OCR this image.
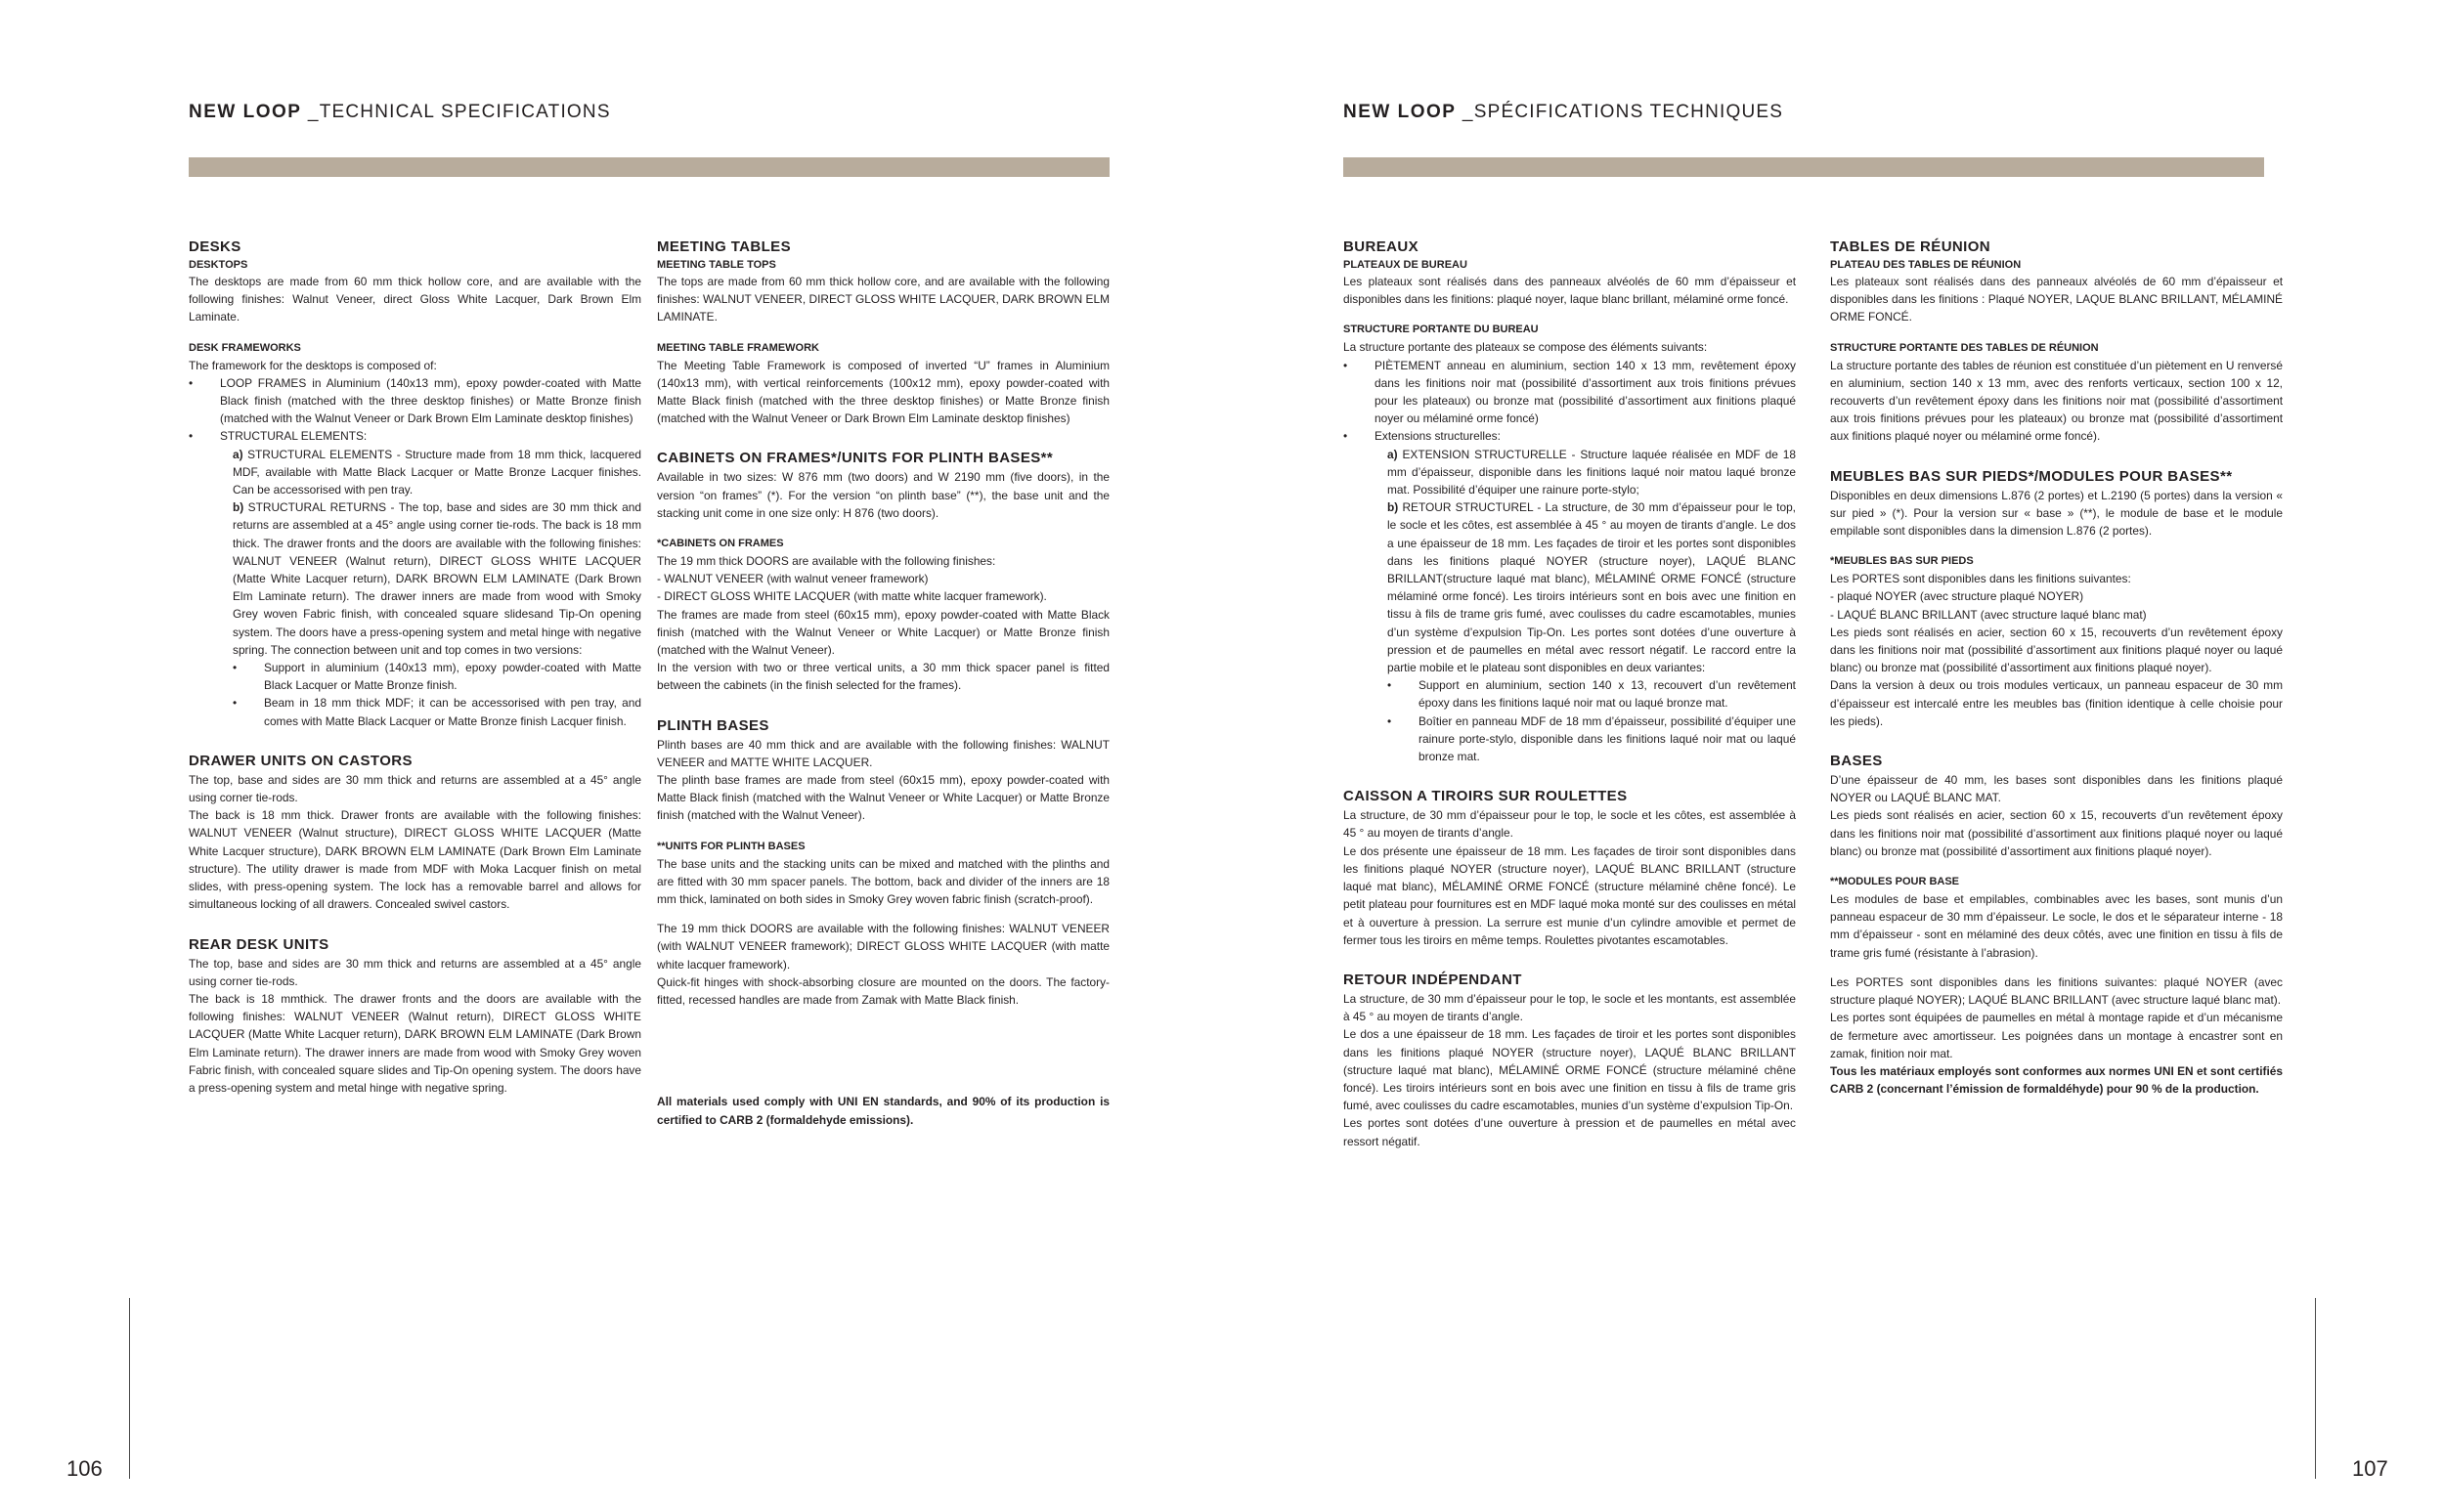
NEW LOOP _TECHNICAL SPECIFICATIONS
DESKS
DESKTOPS

The desktops are made from 60 mm thick hollow core, and are available with the following finishes: Walnut Veneer, direct Gloss White Lacquer, Dark Brown Elm Laminate.

DESK FRAMEWORKS

The framework for the desktops is composed of:

• LOOP FRAMES in Aluminium (140x13 mm), epoxy powder-coated with Matte Black finish (matched with the three desktop finishes) or Matte Bronze finish (matched with the Walnut Veneer or Dark Brown Elm Laminate desktop finishes)
• STRUCTURAL ELEMENTS:

a) STRUCTURAL ELEMENTS - Structure made from 18 mm thick, lacquered MDF, available with Matte Black Lacquer or Matte Bronze Lacquer finishes. Can be accessorised with pen tray.

b) STRUCTURAL RETURNS - The top, base and sides are 30 mm thick and returns are assembled at a 45° angle using corner tie-rods. The back is 18 mm thick. The drawer fronts and the doors are available with the following finishes: WALNUT VENEER (Walnut return), DIRECT GLOSS WHITE LACQUER (Matte White Lacquer return), DARK BROWN ELM LAMINATE (Dark Brown Elm Laminate return). The drawer inners are made from wood with Smoky Grey woven Fabric finish, with concealed square slidesand Tip-On opening system. The doors have a press-opening system and metal hinge with negative spring. The connection between unit and top comes in two versions:

• Support in aluminium (140x13 mm), epoxy powder-coated with Matte Black Lacquer or Matte Bronze finish.
• Beam in 18 mm thick MDF; it can be accessorised with pen tray, and comes with Matte Black Lacquer or Matte Bronze finish Lacquer finish.
DRAWER UNITS ON CASTORS

The top, base and sides are 30 mm thick and returns are assembled at a 45° angle using corner tie-rods.

The back is 18 mm thick. Drawer fronts are available with the following finishes: WALNUT VENEER (Walnut structure), DIRECT GLOSS WHITE LACQUER (Matte White Lacquer structure), DARK BROWN ELM LAMINATE (Dark Brown Elm Laminate structure). The utility drawer is made from MDF with Moka Lacquer finish on metal slides, with press-opening system. The lock has a removable barrel and allows for simultaneous locking of all drawers. Concealed swivel castors.

REAR DESK UNITS

The top, base and sides are 30 mm thick and returns are assembled at a 45° angle using corner tie-rods.

The back is 18 mmthick. The drawer fronts and the doors are available with the following finishes: WALNUT VENEER (Walnut return), DIRECT GLOSS WHITE LACQUER (Matte White Lacquer return), DARK BROWN ELM LAMINATE (Dark Brown Elm Laminate return). The drawer inners are made from wood with Smoky Grey woven Fabric finish, with concealed square slides and Tip-On opening system. The doors have a press-opening system and metal hinge with negative spring.

MEETING TABLES
MEETING TABLE TOPS

The tops are made from 60 mm thick hollow core, and are available with the following finishes: WALNUT VENEER, DIRECT GLOSS WHITE LACQUER, DARK BROWN ELM LAMINATE.

MEETING TABLE FRAMEWORK

The Meeting Table Framework is composed of inverted “U” frames in Aluminium (140x13 mm), with vertical reinforcements (100x12 mm), epoxy powder-coated with Matte Black finish (matched with the three desktop finishes) or Matte Bronze finish (matched with the Walnut Veneer or Dark Brown Elm Laminate desktop finishes)

CABINETS ON FRAMES*/UNITS FOR PLINTH BASES**

Available in two sizes: W 876 mm (two doors) and W 2190 mm (five doors), in the version “on frames” (*). For the version “on plinth base” (**), the base unit and the stacking unit come in one size only: H 876 (two doors).

*CABINETS ON FRAMES

The 19 mm thick DOORS are available with the following finishes:

- WALNUT VENEER (with walnut veneer framework)

- DIRECT GLOSS WHITE LACQUER (with matte white lacquer framework).

The frames are made from steel (60x15 mm), epoxy powder-coated with Matte Black finish (matched with the Walnut Veneer or White Lacquer) or Matte Bronze finish (matched with the Walnut Veneer).

In the version with two or three vertical units, a 30 mm thick spacer panel is fitted between the cabinets (in the finish selected for the frames).

PLINTH BASES

Plinth bases are 40 mm thick and are available with the following finishes: WALNUT VENEER and MATTE WHITE LACQUER.

The plinth base frames are made from steel (60x15 mm), epoxy powder-coated with Matte Black finish (matched with the Walnut Veneer or White Lacquer) or Matte Bronze finish (matched with the Walnut Veneer).

**UNITS FOR PLINTH BASES

The base units and the stacking units can be mixed and matched with the plinths and are fitted with 30 mm spacer panels. The bottom, back and divider of the inners are 18 mm thick, laminated on both sides in Smoky Grey woven fabric finish (scratch-proof).

The 19 mm thick DOORS are available with the following finishes: WALNUT VENEER (with WALNUT VENEER framework); DIRECT GLOSS WHITE LACQUER (with matte white lacquer framework).

Quick-fit hinges with shock-absorbing closure are mounted on the doors. The factory-fitted, recessed handles are made from Zamak with Matte Black finish.

All materials used comply with UNI EN standards, and 90% of its production is certified to CARB 2 (formaldehyde emissions).

106
NEW LOOP _SPÉCIFICATIONS TECHNIQUES
BUREAUX
PLATEAUX DE BUREAU

Les plateaux sont réalisés dans des panneaux alvéolés de 60 mm d’épaisseur et disponibles dans les finitions: plaqué noyer, laque blanc brillant, mélaminé orme foncé.

STRUCTURE PORTANTE DU BUREAU

La structure portante des plateaux se compose des éléments suivants:

• PIÈTEMENT anneau en aluminium, section 140 x 13 mm, revêtement époxy dans les finitions noir mat (possibilité d’assortiment aux trois finitions prévues pour les plateaux) ou bronze mat (possibilité d’assortiment aux finitions plaqué noyer ou mélaminé orme foncé)
• Extensions structurelles:

a) EXTENSION STRUCTURELLE - Structure laquée réalisée en MDF de 18 mm d’épaisseur, disponible dans les finitions laqué noir matou laqué bronze mat. Possibilité d’équiper une rainure porte-stylo;

b) RETOUR STRUCTUREL - La structure, de 30 mm d’épaisseur pour le top, le socle et les côtes, est assemblée à 45 ° au moyen de tirants d’angle. Le dos a une épaisseur de 18 mm. Les façades de tiroir et les portes sont disponibles dans les finitions plaqué NOYER (structure noyer), LAQUÉ BLANC BRILLANT(structure laqué mat blanc), MÉLAMINÉ ORME FONCÉ (structure mélaminé orme foncé). Les tiroirs intérieurs sont en bois avec une finition en tissu à fils de trame gris fumé, avec coulisses du cadre escamotables, munies d’un système d’expulsion Tip-On. Les portes sont dotées d’une ouverture à pression et de paumelles en métal avec ressort négatif. Le raccord entre la partie mobile et le plateau sont disponibles en deux variantes:

• Support en aluminium, section 140 x 13, recouvert d’un revêtement époxy dans les finitions laqué noir mat ou laqué bronze mat.
• Boîtier en panneau MDF de 18 mm d’épaisseur, possibilité d’équiper une rainure porte-stylo, disponible dans les finitions laqué noir mat ou laqué bronze mat.
CAISSON A TIROIRS SUR ROULETTES

La structure, de 30 mm d’épaisseur pour le top, le socle et les côtes, est assemblée à 45 ° au moyen de tirants d’angle.

Le dos présente une épaisseur de 18 mm. Les façades de tiroir sont disponibles dans les finitions plaqué NOYER (structure noyer), LAQUÉ BLANC BRILLANT (structure laqué mat blanc), MÉLAMINÉ ORME FONCÉ (structure mélaminé chêne foncé). Le petit plateau pour fournitures est en MDF laqué moka monté sur des coulisses en métal et à ouverture à pression. La serrure est munie d’un cylindre amovible et permet de fermer tous les tiroirs en même temps. Roulettes pivotantes escamotables.

RETOUR INDÉPENDANT

La structure, de 30 mm d’épaisseur pour le top, le socle et les montants, est assemblée à 45 ° au moyen de tirants d’angle.

Le dos a une épaisseur de 18 mm. Les façades de tiroir et les portes sont disponibles dans les finitions plaqué NOYER (structure noyer), LAQUÉ BLANC BRILLANT (structure laqué mat blanc), MÉLAMINÉ ORME FONCÉ (structure mélaminé chêne foncé). Les tiroirs intérieurs sont en bois avec une finition en tissu à fils de trame gris fumé, avec coulisses du cadre escamotables, munies d’un système d’expulsion Tip-On.

Les portes sont dotées d’une ouverture à pression et de paumelles en métal avec ressort négatif.

TABLES DE RÉUNION
PLATEAU DES TABLES DE RÉUNION

Les plateaux sont réalisés dans des panneaux alvéolés de 60 mm d’épaisseur et disponibles dans les finitions : Plaqué NOYER, LAQUE BLANC BRILLANT, MÉLAMINÉ ORME FONCÉ.

STRUCTURE PORTANTE DES TABLES DE RÉUNION

La structure portante des tables de réunion est constituée d’un piètement en U renversé en aluminium, section 140 x 13 mm, avec des renforts verticaux, section 100 x 12, recouverts d’un revêtement époxy dans les finitions noir mat (possibilité d’assortiment aux trois finitions prévues pour les plateaux) ou bronze mat (possibilité d’assortiment aux finitions plaqué noyer ou mélaminé orme foncé).

MEUBLES BAS SUR PIEDS*/MODULES POUR BASES**

Disponibles en deux dimensions L.876 (2 portes) et L.2190 (5 portes) dans la version « sur pied » (*). Pour la version sur « base » (**), le module de base et le module empilable sont disponibles dans la dimension L.876 (2 portes).

*MEUBLES BAS SUR PIEDS

Les PORTES sont disponibles dans les finitions suivantes:

- plaqué NOYER (avec structure plaqué NOYER)

- LAQUÉ BLANC BRILLANT (avec structure laqué blanc mat)

Les pieds sont réalisés en acier, section 60 x 15, recouverts d’un revêtement époxy dans les finitions noir mat (possibilité d’assortiment aux finitions plaqué noyer ou laqué blanc) ou bronze mat (possibilité d’assortiment aux finitions plaqué noyer).

Dans la version à deux ou trois modules verticaux, un panneau espaceur de 30 mm d’épaisseur est intercalé entre les meubles bas (finition identique à celle choisie pour les pieds).

BASES

D’une épaisseur de 40 mm, les bases sont disponibles dans les finitions plaqué NOYER ou LAQUÉ BLANC MAT.

Les pieds sont réalisés en acier, section 60 x 15, recouverts d’un revêtement époxy dans les finitions noir mat (possibilité d’assortiment aux finitions plaqué noyer ou laqué blanc) ou bronze mat (possibilité d’assortiment aux finitions plaqué noyer).

**MODULES POUR BASE

Les modules de base et empilables, combinables avec les bases, sont munis d’un panneau espaceur de 30 mm d’épaisseur. Le socle, le dos et le séparateur interne - 18 mm d’épaisseur - sont en mélaminé des deux côtés, avec une finition en tissu à fils de trame gris fumé (résistante à l’abrasion).

Les PORTES sont disponibles dans les finitions suivantes: plaqué NOYER (avec structure plaqué NOYER); LAQUÉ BLANC BRILLANT (avec structure laqué blanc mat).

Les portes sont équipées de paumelles en métal à montage rapide et d’un mécanisme de fermeture avec amortisseur. Les poignées dans un montage à encastrer sont en zamak, finition noir mat.

Tous les matériaux employés sont conformes aux normes UNI EN et sont certifiés CARB 2 (concernant l’émission de formaldéhyde) pour 90 % de la production.

107
